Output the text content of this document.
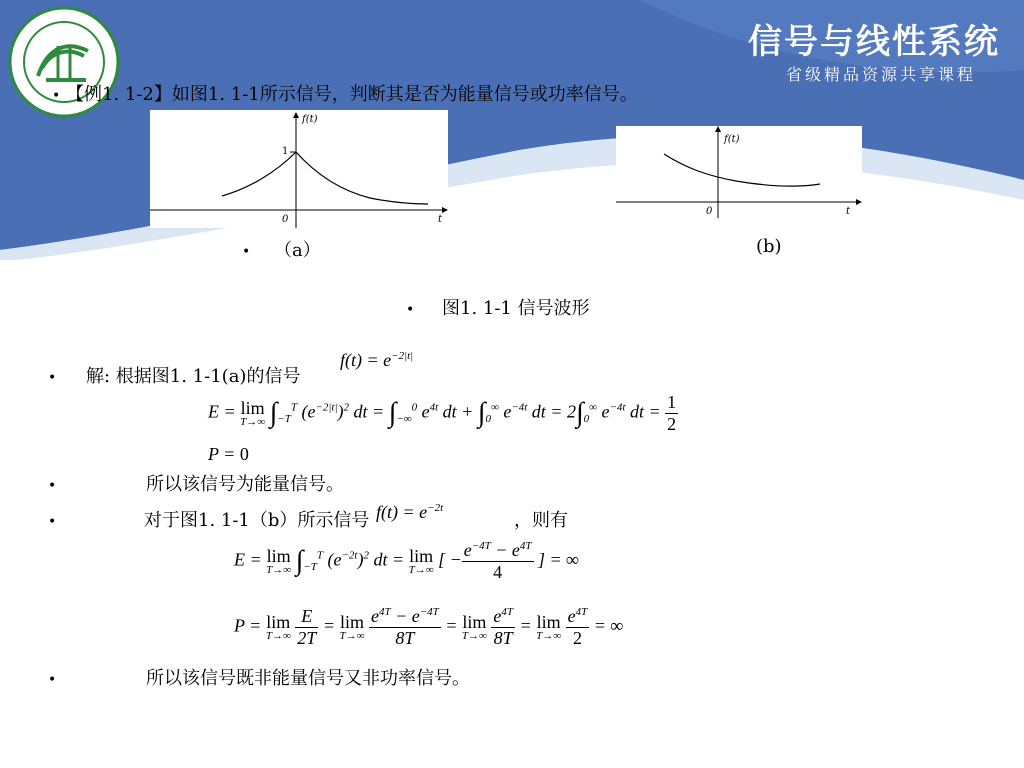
信号与线性系统
省级精品资源共享课程
• 【例1. 1-2】如图1. 1-1所示信号，判断其是否为能量信号或功率信号。
f(t)
t
0
1
f(t)
t
0
• （a）	(b)
• 图1. 1-1 信号波形
• 解: 根据图1. 1-1(a)的信号
$f(t) = e^{-2|t|}$
E = lim
T→∞ $\int_{-T}^T$ $(e^{-2|t|})^2$ dt = $\int_{-\infty}^0$ $e^{4t}$ dt + $\int_0^\infty$ $e^{-4t}$ dt = $2\int_0^\infty$ $e^{-4t}$ dt = $\frac{1}{2}$
P = 0
•	所以该信号为能量信号。
•	对于图1. 1-1（b）所示信号 $f(t) = e^{-2t}$
，则有
E = lim
T→∞ $\int_{-T}^T$ $(e^{-2t})^2$ dt = lim
T→∞
[ − $\frac{e^{-4T} - e^{4T}}{4}$ ] = ∞
P = lim
T→∞
$\frac{E}{2T} = \lim$
T→∞
$\frac{e^{4T} - e^{-4T}}{8T} = \lim$
T→∞
$\frac{e^{4T}}{8T} = \lim$
T→∞
$\frac{e^{4T}}{2}$ = ∞
•	所以该信号既非能量信号又非功率信号。
